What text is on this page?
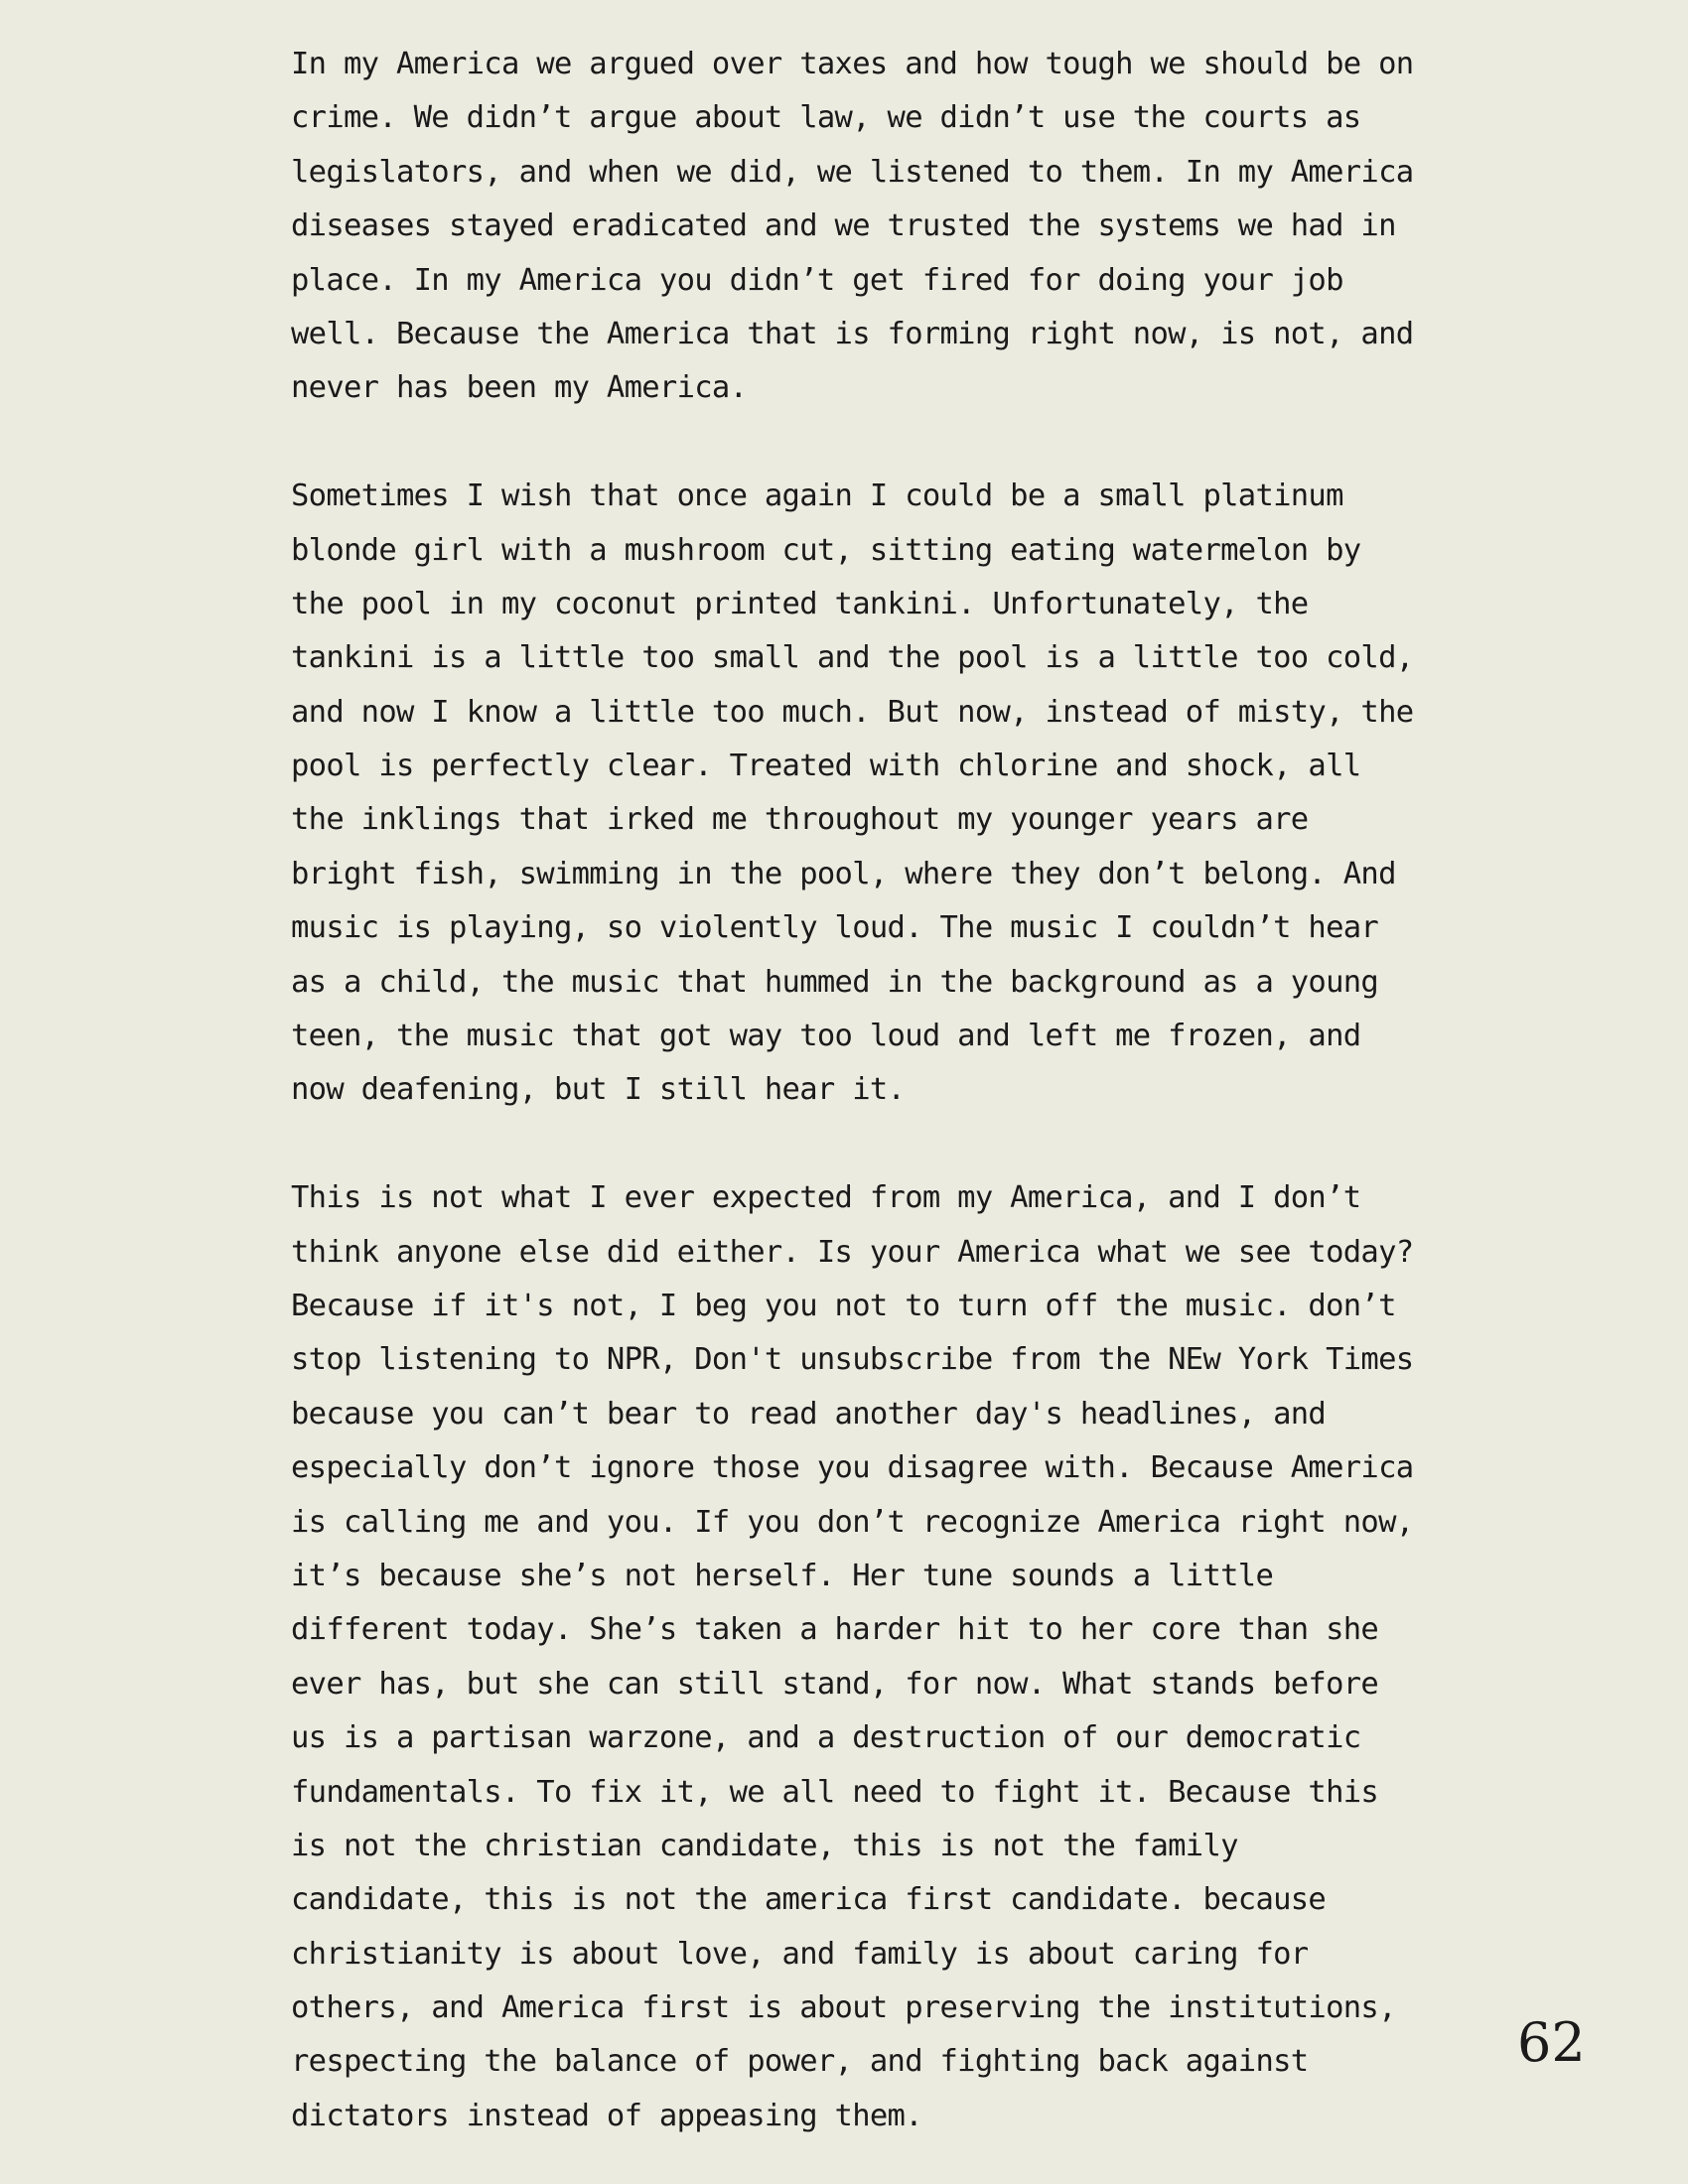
In my America we argued over taxes and how tough we should be on
crime. We didn’t argue about law, we didn’t use the courts as
legislators, and when we did, we listened to them. In my America
diseases stayed eradicated and we trusted the systems we had in
place. In my America you didn’t get fired for doing your job
well. Because the America that is forming right now, is not, and
never has been my America.
Sometimes I wish that once again I could be a small platinum
blonde girl with a mushroom cut, sitting eating watermelon by
the pool in my coconut printed tankini. Unfortunately, the
tankini is a little too small and the pool is a little too cold,
and now I know a little too much. But now, instead of misty, the
pool is perfectly clear. Treated with chlorine and shock, all
the inklings that irked me throughout my younger years are
bright fish, swimming in the pool, where they don’t belong. And
music is playing, so violently loud. The music I couldn’t hear
as a child, the music that hummed in the background as a young
teen, the music that got way too loud and left me frozen, and
now deafening, but I still hear it.
This is not what I ever expected from my America, and I don’t
think anyone else did either. Is your America what we see today?
Because if it's not, I beg you not to turn off the music. don’t
stop listening to NPR, Don't unsubscribe from the NEw York Times
because you can’t bear to read another day's headlines, and
especially don’t ignore those you disagree with. Because America
is calling me and you. If you don’t recognize America right now,
it’s because she’s not herself. Her tune sounds a little
different today. She’s taken a harder hit to her core than she
ever has, but she can still stand, for now. What stands before
us is a partisan warzone, and a destruction of our democratic
fundamentals. To fix it, we all need to fight it. Because this
is not the christian candidate, this is not the family
candidate, this is not the america first candidate. because
christianity is about love, and family is about caring for
others, and America first is about preserving the institutions,
respecting the balance of power, and fighting back against
dictators instead of appeasing them.
62
